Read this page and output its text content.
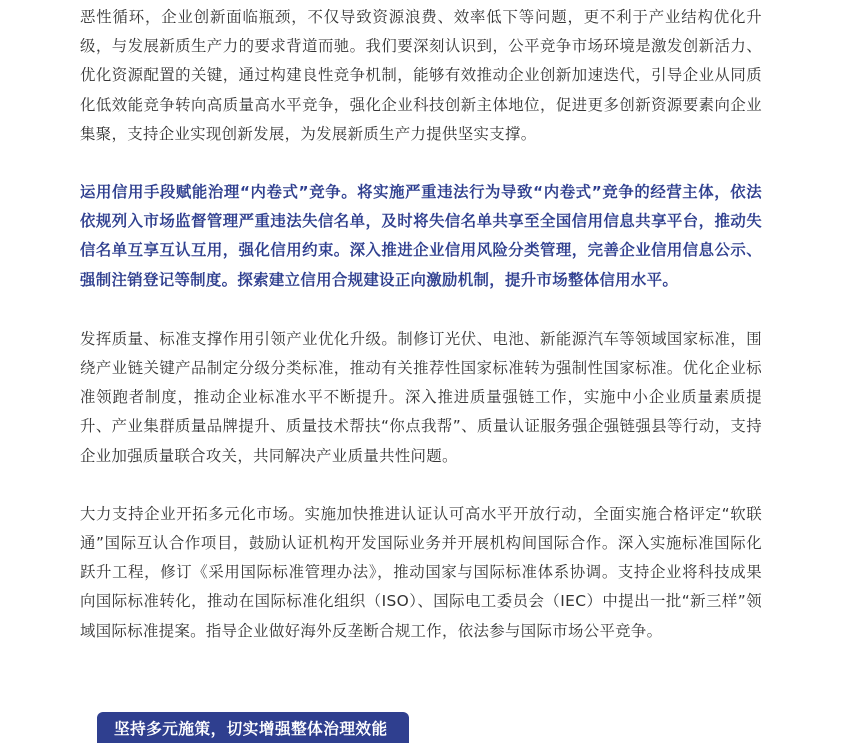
恶性循环，企业创新面临瓶颈，不仅导致资源浪费、效率低下等问题，更不利于产业结构优化升级，与发展新质生产力的要求背道而驰。我们要深刻认识到，公平竞争市场环境是激发创新活力、优化资源配置的关键，通过构建良性竞争机制，能够有效推动企业创新加速迭代，引导企业从同质化低效能竞争转向高质量高水平竞争，强化企业科技创新主体地位，促进更多创新资源要素向企业集聚，支持企业实现创新发展，为发展新质生产力提供坚实支撑。

运用信用手段赋能治理“内卷式”竞争。将实施严重违法行为导致“内卷式”竞争的经营主体，依法依规列入市场监督管理严重违法失信名单，及时将失信名单共享至全国信用信息共享平台，推动失信名单互享互认互用，强化信用约束。深入推进企业信用风险分类管理，完善企业信用信息公示、强制注销登记等制度。探索建立信用合规建设正向激励机制，提升市场整体信用水平。

发挥质量、标准支撑作用引领产业优化升级。制修订光伏、电池、新能源汽车等领域国家标准，围绕产业链关键产品制定分级分类标准，推动有关推荐性国家标准转为强制性国家标准。优化企业标准领跑者制度，推动企业标准水平不断提升。深入推进质量强链工作，实施中小企业质量素质提升、产业集群质量品牌提升、质量技术帮扶“你点我帮”、质量认证服务强企强链强县等行动，支持企业加强质量联合攻关，共同解决产业质量共性问题。

大力支持企业开拓多元化市场。实施加快推进认证认可高水平开放行动，全面实施合格评定“软联通”国际互认合作项目，鼓励认证机构开发国际业务并开展机构间国际合作。深入实施标准国际化跃升工程，修订《采用国际标准管理办法》，推动国家与国际标准体系协调。支持企业将科技成果向国际标准转化，推动在国际标准化组织（ISO）、国际电工委员会（IEC）中提出一批“新三样”领域国际标准提案。指导企业做好海外反垄断合规工作，依法参与国际市场公平竞争。

坚持多元施策，切实增强整体治理效能
